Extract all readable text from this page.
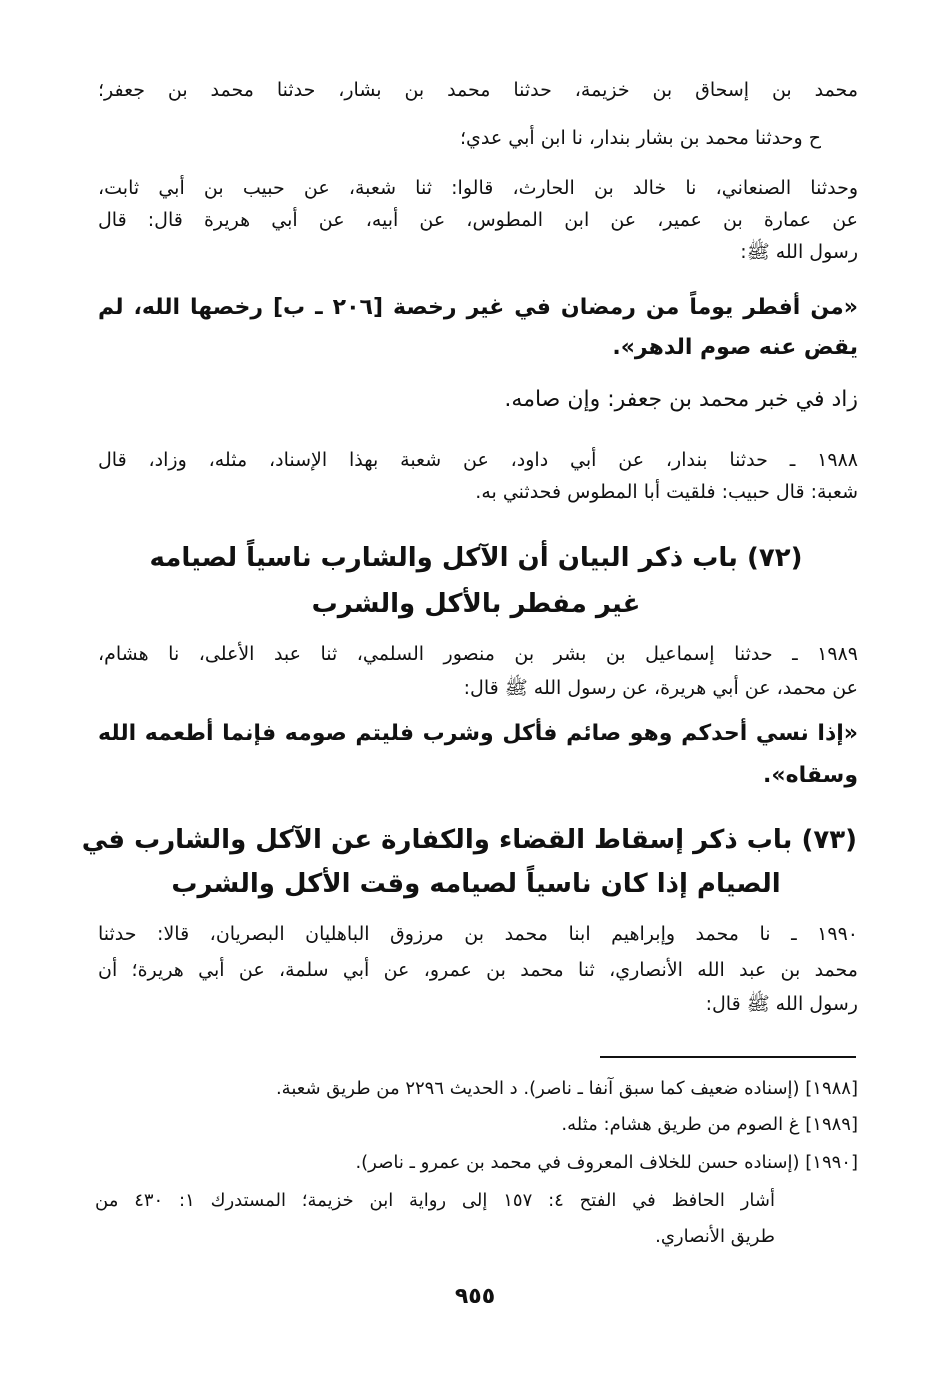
محمد بن إسحاق بن خزيمة، حدثنا محمد بن بشار، حدثنا محمد بن جعفر؛
ح وحدثنا محمد بن بشار بندار، نا ابن أبي عدي؛
وحدثنا الصنعاني، نا خالد بن الحارث، قالوا: ثنا شعبة، عن حبيب بن أبي ثابت،
عن عمارة بن عمير، عن ابن المطوس، عن أبيه، عن أبي هريرة قال: قال
رسول الله ﷺ:
«من أفطر يوماً من رمضان في غير رخصة [٢٠٦ ـ ب] رخصها الله، لم
يقض عنه صوم الدهر».
زاد في خبر محمد بن جعفر: وإن صامه.
١٩٨٨ ـ حدثنا بندار، عن أبي داود، عن شعبة بهذا الإسناد، مثله، وزاد، قال
شعبة: قال حبيب: فلقيت أبا المطوس فحدثني به.
(٧٢) باب ذكر البيان أن الآكل والشارب ناسياً لصيامه
غير مفطر بالأكل والشرب
١٩٨٩ ـ حدثنا إسماعيل بن بشر بن منصور السلمي، ثنا عبد الأعلى، نا هشام،
عن محمد، عن أبي هريرة، عن رسول الله ﷺ قال:
«إذا نسي أحدكم وهو صائم فأكل وشرب فليتم صومه فإنما أطعمه الله
وسقاه».
(٧٣) باب ذكر إسقاط القضاء والكفارة عن الآكل والشارب في
الصيام إذا كان ناسياً لصيامه وقت الأكل والشرب
١٩٩٠ ـ نا محمد وإبراهيم ابنا محمد بن مرزوق الباهليان البصريان، قالا: حدثنا
محمد بن عبد الله الأنصاري، ثنا محمد بن عمرو، عن أبي سلمة، عن أبي هريرة؛ أن
رسول الله ﷺ قال:
[١٩٨٨] (إسناده ضعيف كما سبق آنفا ـ ناصر). د الحديث ٢٢٩٦ من طريق شعبة.
[١٩٨٩] غ الصوم من طريق هشام: مثله.
[١٩٩٠] (إسناده حسن للخلاف المعروف في محمد بن عمرو ـ ناصر).
أشار الحافظ في الفتح ٤: ١٥٧ إلى رواية ابن خزيمة؛ المستدرك ١: ٤٣٠ من
طريق الأنصاري.
٩٥٥
